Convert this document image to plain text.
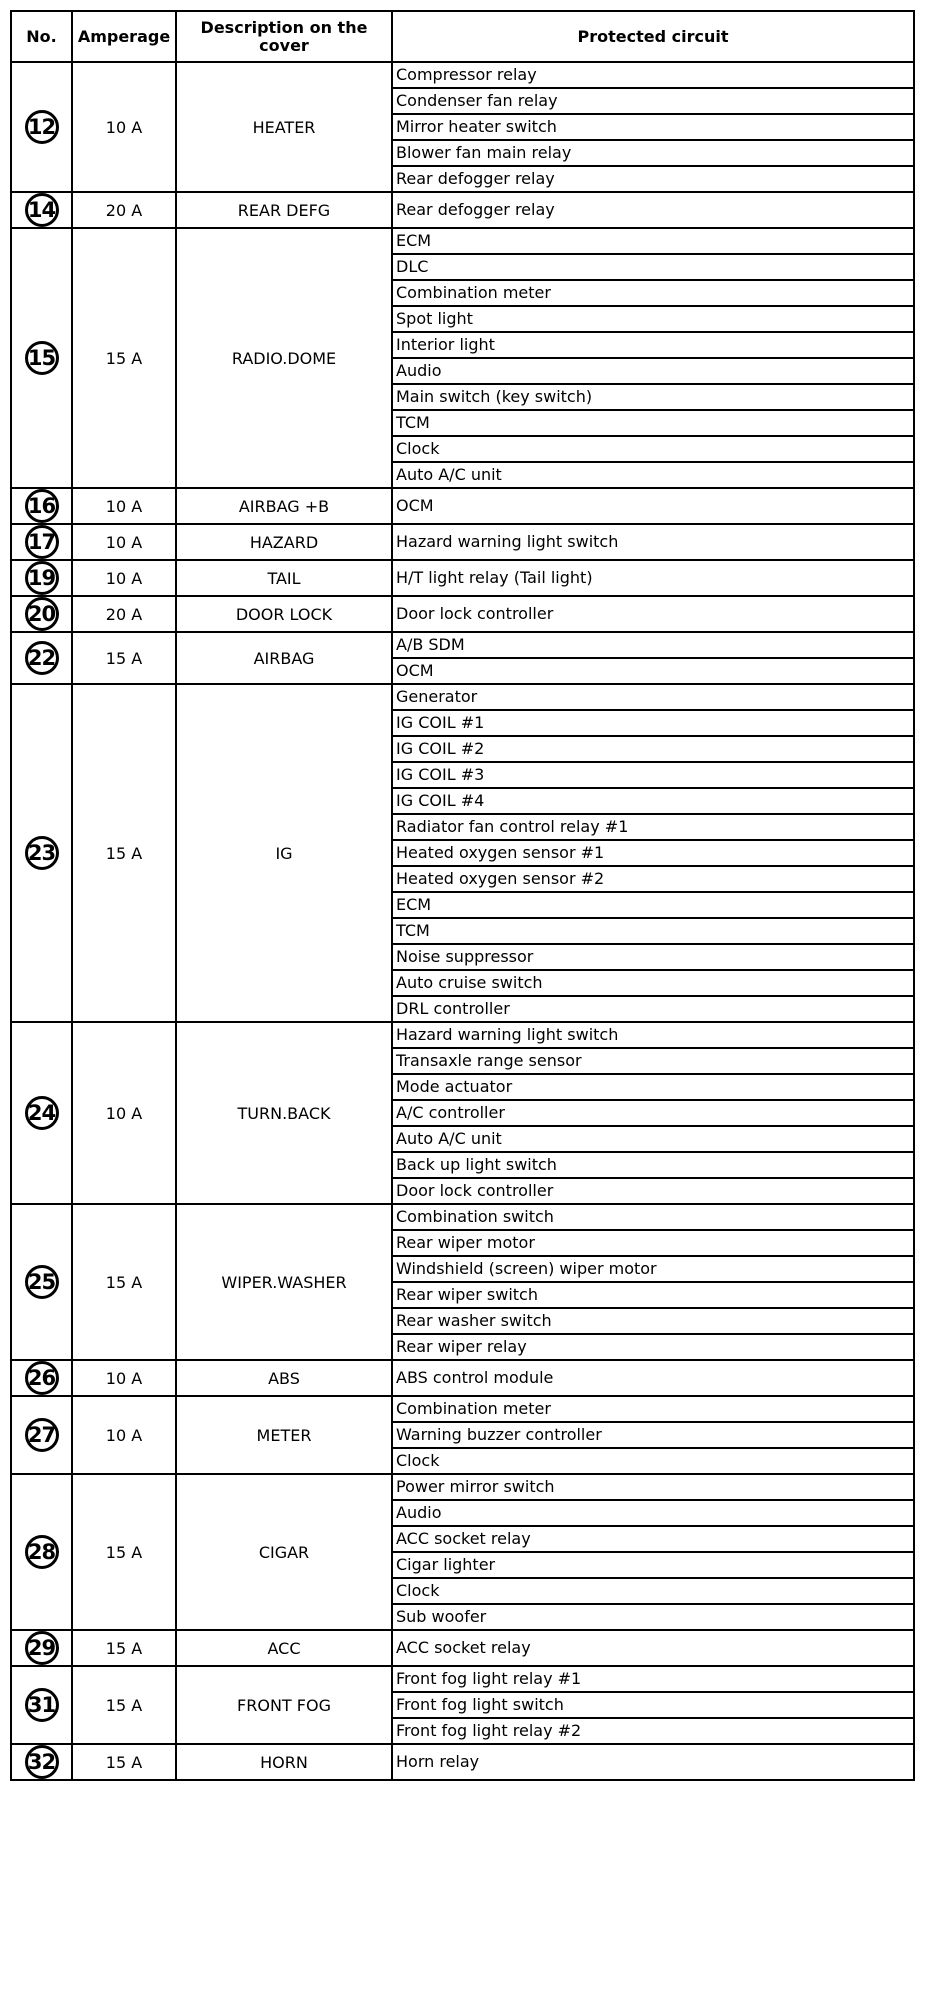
No.	Amperage	Description on the cover	Protected circuit
12	10 A	HEATER	Compressor relay
			Condenser fan relay
			Mirror heater switch
			Blower fan main relay
			Rear defogger relay
14	20 A	REAR DEFG	Rear defogger relay
15	15 A	RADIO.DOME	ECM
			DLC
			Combination meter
			Spot light
			Interior light
			Audio
			Main switch (key switch)
			TCM
			Clock
			Auto A/C unit
16	10 A	AIRBAG +B	OCM
17	10 A	HAZARD	Hazard warning light switch
19	10 A	TAIL	H/T light relay (Tail light)
20	20 A	DOOR LOCK	Door lock controller
22	15 A	AIRBAG	A/B SDM
			OCM
23	15 A	IG	Generator
			IG COIL #1
			IG COIL #2
			IG COIL #3
			IG COIL #4
			Radiator fan control relay #1
			Heated oxygen sensor #1
			Heated oxygen sensor #2
			ECM
			TCM
			Noise suppressor
			Auto cruise switch
			DRL controller
24	10 A	TURN.BACK	Hazard warning light switch
			Transaxle range sensor
			Mode actuator
			A/C controller
			Auto A/C unit
			Back up light switch
			Door lock controller
25	15 A	WIPER.WASHER	Combination switch
			Rear wiper motor
			Windshield (screen) wiper motor
			Rear wiper switch
			Rear washer switch
			Rear wiper relay
26	10 A	ABS	ABS control module
27	10 A	METER	Combination meter
			Warning buzzer controller
			Clock
28	15 A	CIGAR	Power mirror switch
			Audio
			ACC socket relay
			Cigar lighter
			Clock
			Sub woofer
29	15 A	ACC	ACC socket relay
31	15 A	FRONT FOG	Front fog light relay #1
			Front fog light switch
			Front fog light relay #2
32	15 A	HORN	Horn relay
